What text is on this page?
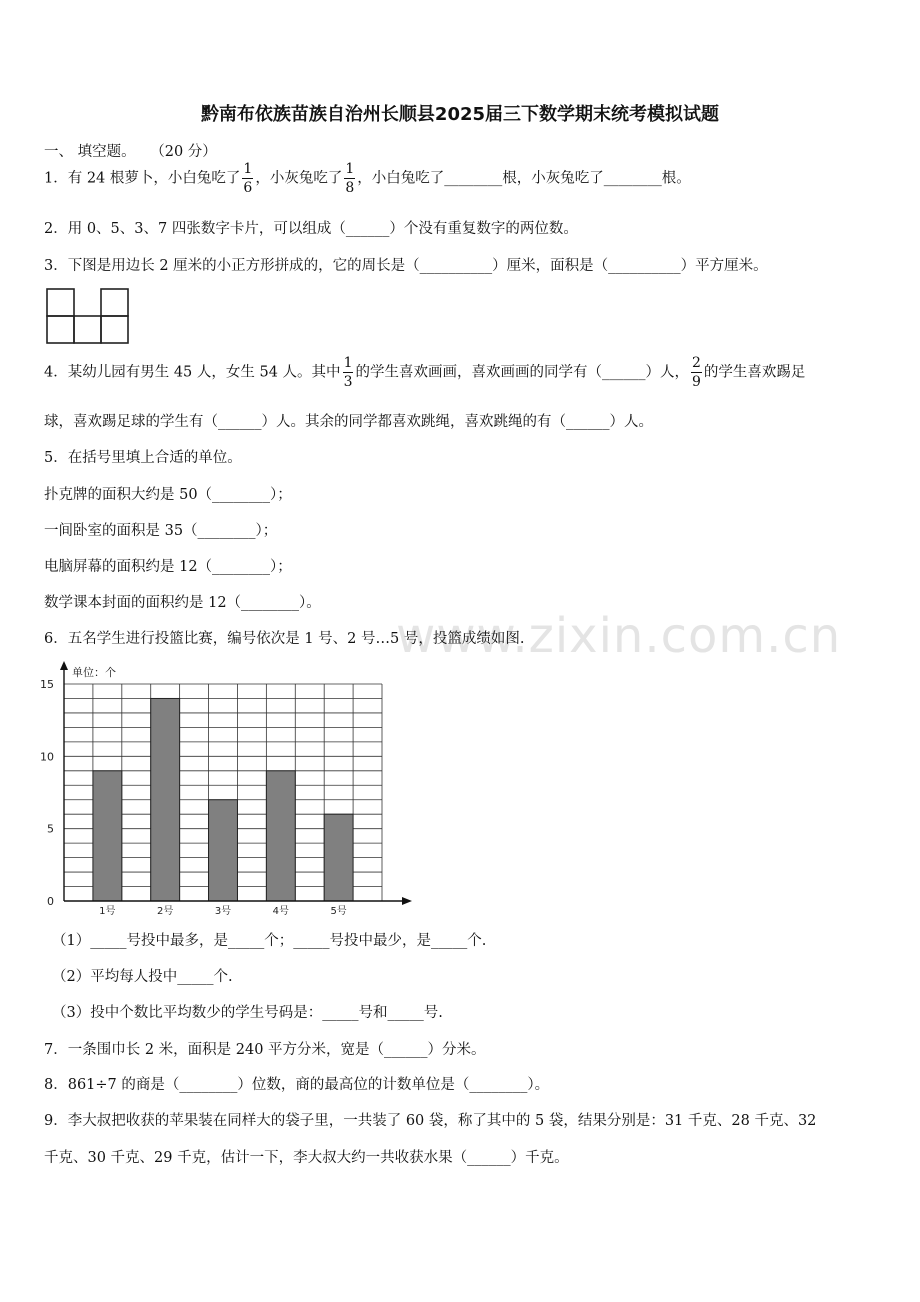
www.zixin.com.cn
黔南布依族苗族自治州长顺县2025届三下数学期末统考模拟试题
一、 填空题。 （20 分）
1．有 24 根萝卜，小白兔吃了 $\frac{1}{6}$ ，小灰兔吃了 $\frac{1}{8}$ ，小白兔吃了________根，小灰兔吃了________根。
2．用 0、5、3、7 四张数字卡片，可以组成（______）个没有重复数字的两位数。
3．下图是用边长 2 厘米的小正方形拼成的，它的周长是（__________）厘米，面积是（__________）平方厘米。
4．某幼儿园有男生 45 人，女生 54 人。其中 $\frac{1}{3}$ 的学生喜欢画画，喜欢画画的同学有（______）人， $\frac{2}{9}$ 的学生喜欢踢足
球，喜欢踢足球的学生有（______）人。其余的同学都喜欢跳绳，喜欢跳绳的有（______）人。
5．在括号里填上合适的单位。
扑克牌的面积大约是 50（________）；
一间卧室的面积是 35（________）；
电脑屏幕的面积约是 12（________）；
数学课本封面的面积约是 12（________）。
6．五名学生进行投篮比赛，编号依次是 1 号、2 号…5 号，投篮成绩如图.
1号	2号	3号	4号	5号
0
5
10
15
单位：个
（1）_____号投中最多，是_____个；_____号投中最少，是_____个.
（2）平均每人投中_____个.
（3）投中个数比平均数少的学生号码是：_____号和_____号.
7．一条围巾长 2 米，面积是 240 平方分米，宽是（______）分米。
8．861÷7 的商是（________）位数，商的最高位的计数单位是（________）。
9．李大叔把收获的苹果装在同样大的袋子里，一共装了 60 袋，称了其中的 5 袋，结果分别是：31 千克、28 千克、32
千克、30 千克、29 千克，估计一下，李大叔大约一共收获水果（______）千克。
